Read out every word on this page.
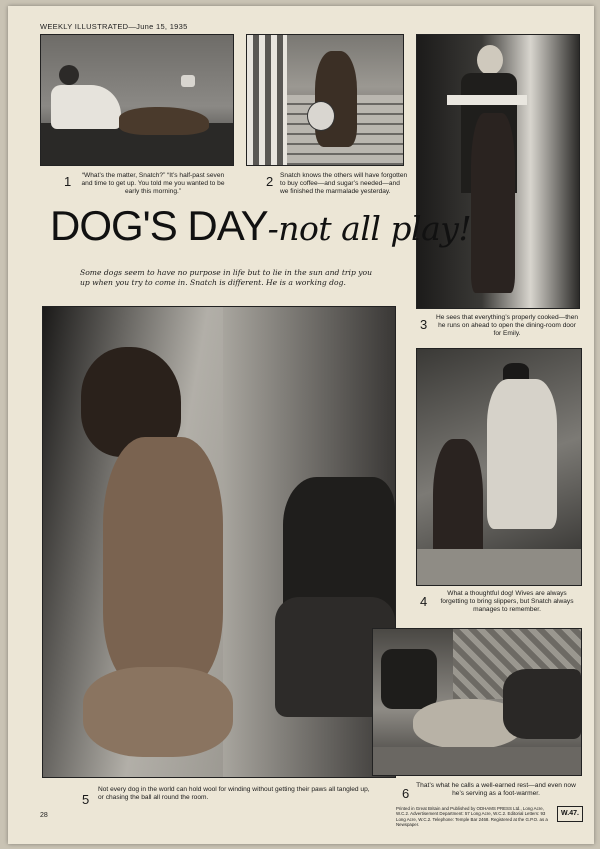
WEEKLY ILLUSTRATED—June 15, 1935
1	“What’s the matter, Snatch?” “It’s half-past seven and time to get up. You told me you wanted to be early this morning.”
2 Snatch knows the others will have forgotten to buy coffee—and sugar’s needed—and we finished the marmalade yesterday.
3 He sees that everything’s properly cooked—then he runs on ahead to open the dining-room door for Emily.
DOG'S DAY-not all play!
Some dogs seem to have no purpose in life but to lie in the sun and trip you up when you try to come in. Snatch is different. He is a working dog.
5
Not every dog in the world can hold wool for winding without getting their paws all tangled up, or chasing the ball all round the room.
4
What a thoughtful dog! Wives are always forgetting to bring slippers, but Snatch always manages to remember.
6
That’s what he calls a well-earned rest—and even now he’s serving as a foot-warmer.
Printed in Great Britain and Published by ODHAMS PRESS Ltd., Long Acre, W.C.2. Advertisement Department: 57 Long Acre, W.C.2. Editorial Letters: 93 Long Acre, W.C.2. Telephone: Temple Bar 2468. Registered at the G.P.O. as a Newspaper.
W.47.
28
